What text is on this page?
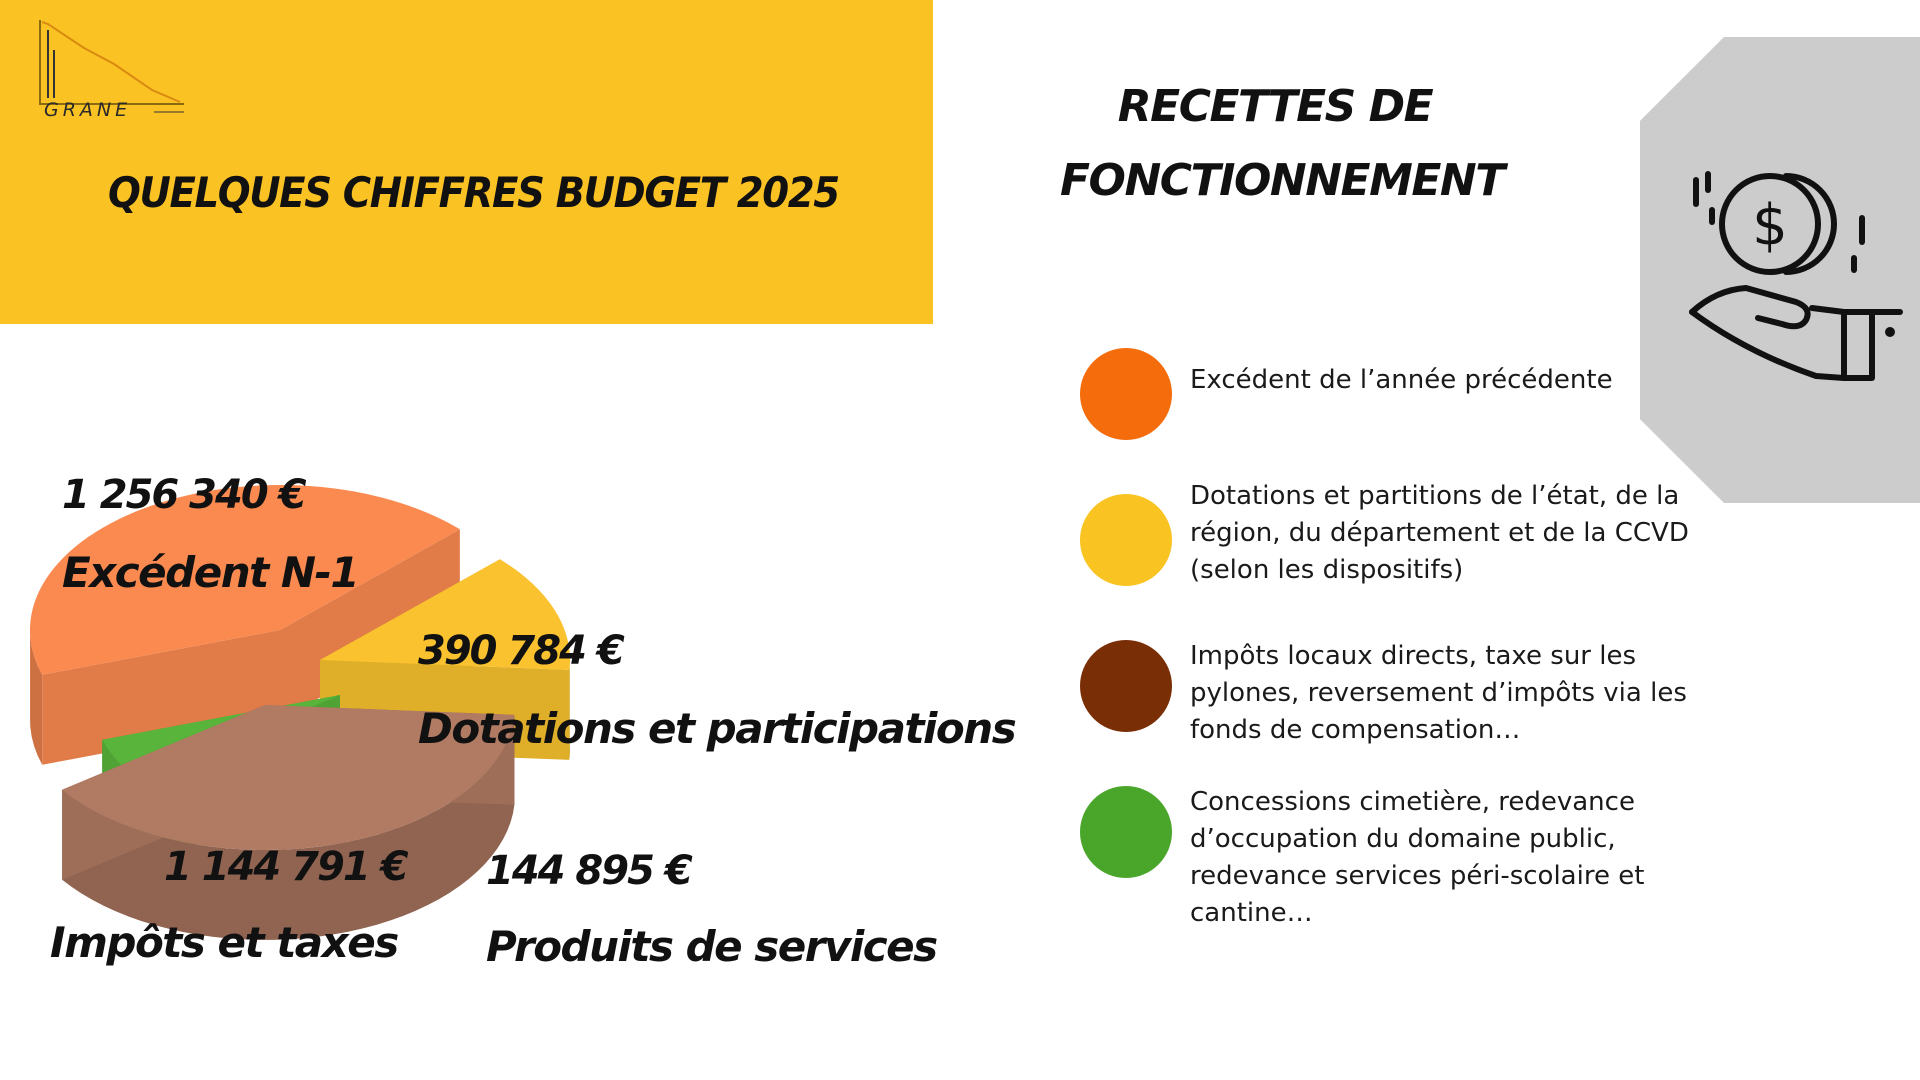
GRANE
QUELQUES CHIFFRES BUDGET 2025
RECETTES DE FONCTIONNEMENT
$
Excédent de l’année précédente
Dotations et partitions de l’état, de la région, du département et de la CCVD (selon les dispositifs)
Impôts locaux directs, taxe sur les pylones, reversement d’impôts via les fonds de compensation…
Concessions cimetière, redevance d’occupation du domaine public, redevance services péri-scolaire et cantine…
1 256 340 €
Excédent N-1
390 784 €
Dotations et participations
1 144 791 €
Impôts et taxes
144 895 €
Produits de services
